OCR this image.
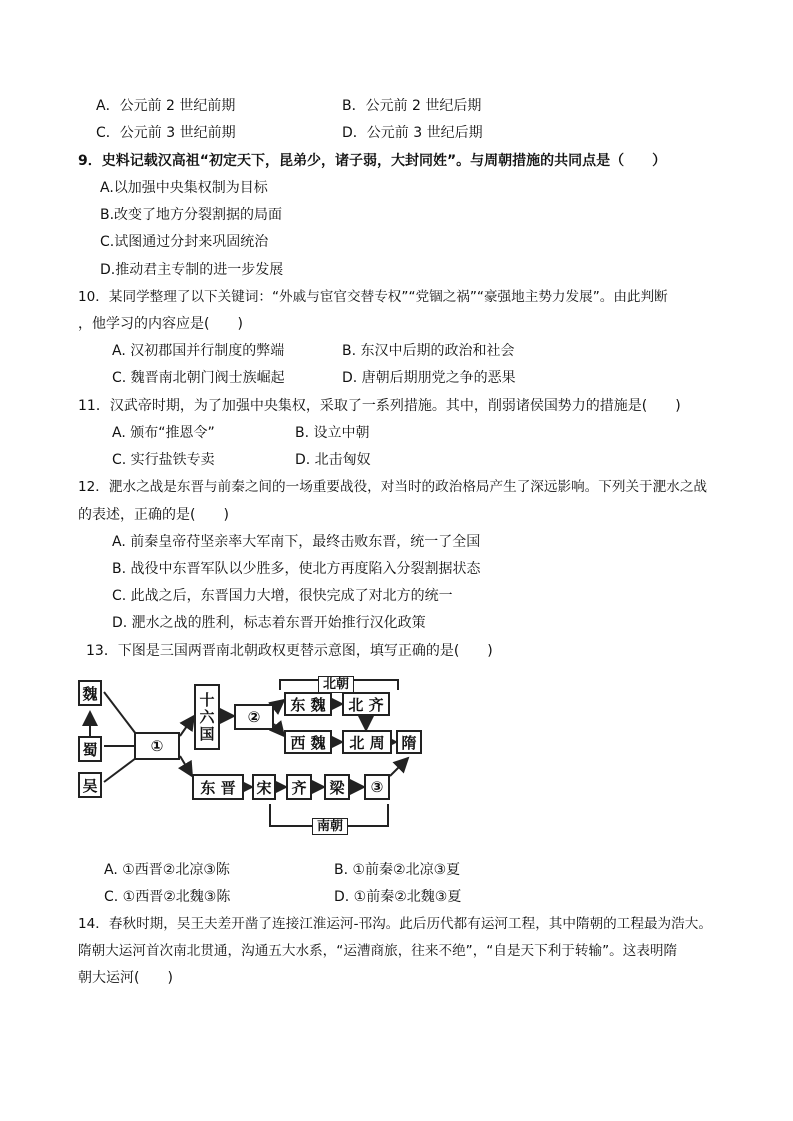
A．公元前 2 世纪前期	B．公元前 2 世纪后期
C．公元前 3 世纪前期	D．公元前 3 世纪后期
9．史料记载汉高祖“初定天下，昆弟少，诸子弱，大封同姓”。与周朝措施的共同点是（　　）
A.以加强中央集权制为目标
B.改变了地方分裂割据的局面
C.试图通过分封来巩固统治
D.推动君主专制的进一步发展
10．某同学整理了以下关键词：“外戚与宦官交替专权”“党锢之祸”“豪强地主势力发展”。由此判断
，他学习的内容应是(　　)
A. 汉初郡国并行制度的弊端	B. 东汉中后期的政治和社会
C. 魏晋南北朝门阀士族崛起	D. 唐朝后期朋党之争的恶果
11．汉武帝时期，为了加强中央集权，采取了一系列措施。其中，削弱诸侯国势力的措施是(　　)
A. 颁布“推恩令”	B. 设立中朝
C. 实行盐铁专卖	D. 北击匈奴
12．淝水之战是东晋与前秦之间的一场重要战役，对当时的政治格局产生了深远影响。下列关于淝水之战
的表述，正确的是(　　)
A. 前秦皇帝苻坚亲率大军南下，最终击败东晋，统一了全国
B. 战役中东晋军队以少胜多，使北方再度陷入分裂割据状态
C. 此战之后，东晋国力大增，很快完成了对北方的统一
D. 淝水之战的胜利，标志着东晋开始推行汉化政策
13．下图是三国两晋南北朝政权更替示意图，填写正确的是(　　)
魏
蜀
吴
①
十六国 ②
北朝
东 魏 北 齐
西 魏 北 周 隋
东 晋 宋 齐 梁 ③
南朝
A. ①西晋②北凉③陈	B. ①前秦②北凉③夏
C. ①西晋②北魏③陈	D. ①前秦②北魏③夏
14．春秋时期，吴王夫差开凿了连接江淮运河-邗沟。此后历代都有运河工程，其中隋朝的工程最为浩大。
隋朝大运河首次南北贯通，沟通五大水系，“运漕商旅，往来不绝”，“自是天下利于转输”。这表明隋
朝大运河(　　)
